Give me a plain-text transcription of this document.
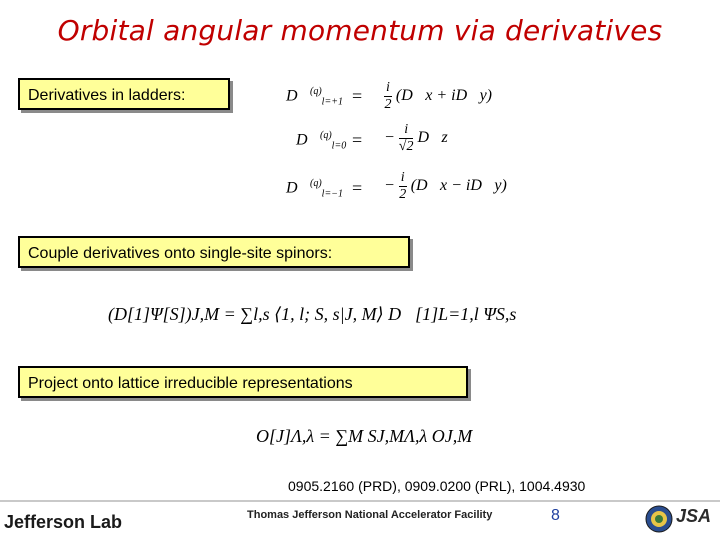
Orbital angular momentum via derivatives
Derivatives in ladders:	D⃗$^{(q)}_{l=+1}$ = $\frac{i}{2}$ (D⃗x + iD⃗y)
D⃗$^{(q)}_{l=0}$ = − $\frac{i}{√2}$ D⃗z
D⃗$^{(q)}_{l=-1}$ = − $\frac{i}{2}$ (D⃗x − iD⃗y)
Couple derivatives onto single-site spinors:
(D[1]Ψ[S])J,M = ∑l,s ⟨1, l; S, s|J, M⟩ D⃗[1]L=1,l ΨS,s
Project onto lattice irreducible representations
O[J]Λ,λ = ∑M SJ,MΛ,λ OJ,M
0905.2160 (PRD), 0909.0200 (PRL), 1004.4930
Jefferson Lab	Thomas Jefferson National Accelerator Facility	8	JSA
